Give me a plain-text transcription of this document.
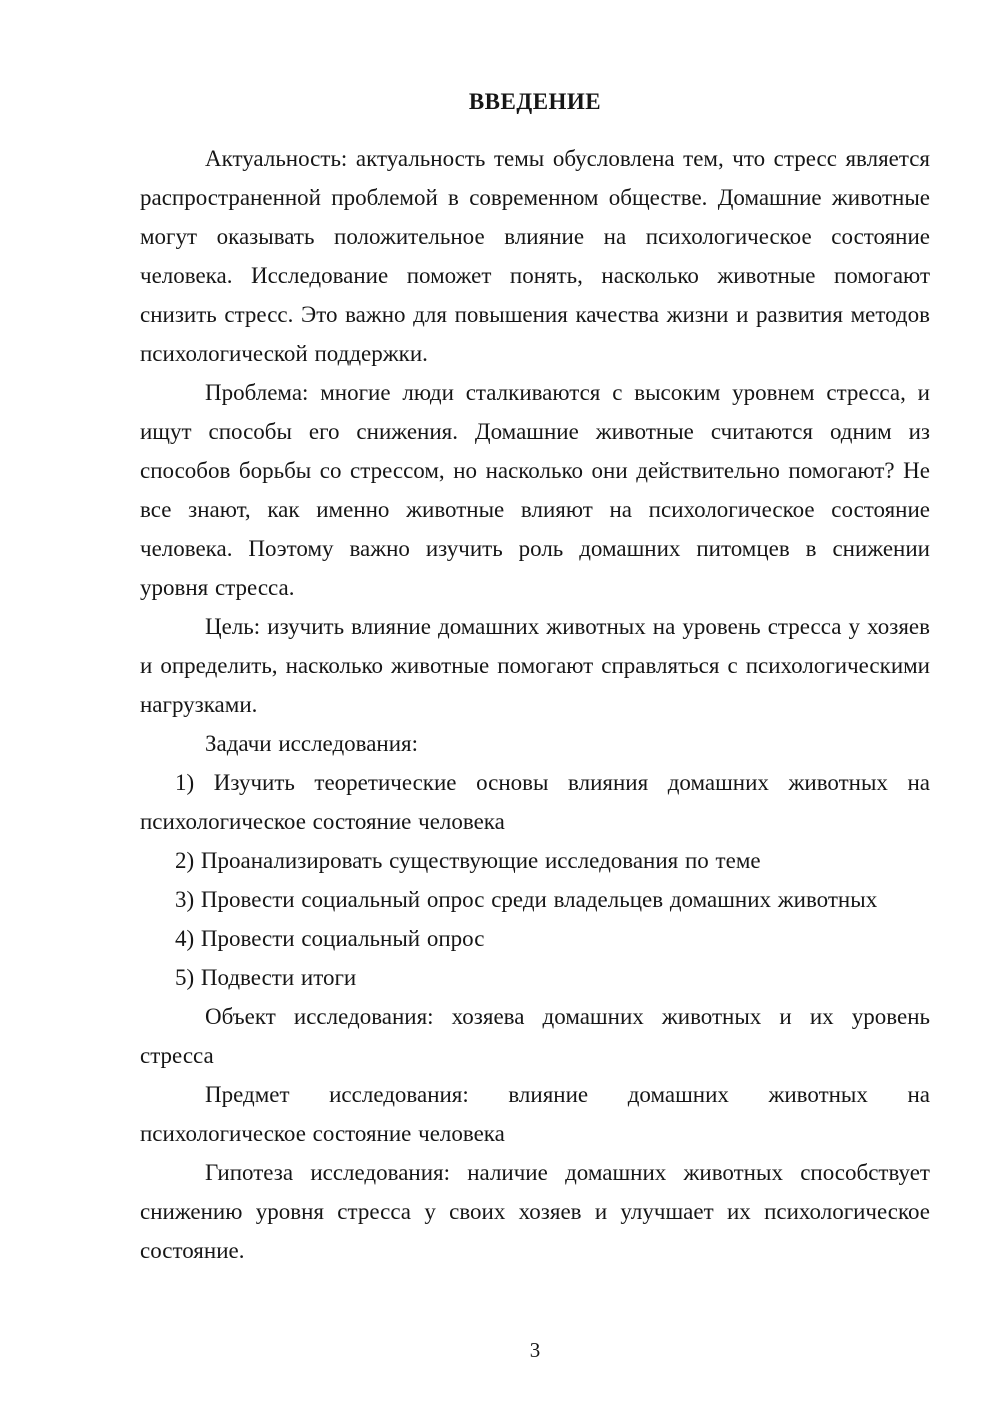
ВВЕДЕНИЕ

Актуальность: актуальность темы обусловлена тем, что стресс является распространенной проблемой в современном обществе. Домашние животные могут оказывать положительное влияние на психологическое состояние человека. Исследование поможет понять, насколько животные помогают снизить стресс. Это важно для повышения качества жизни и развития методов психологической поддержки.

Проблема: многие люди сталкиваются с высоким уровнем стресса, и ищут способы его снижения. Домашние животные считаются одним из способов борьбы со стрессом, но насколько они действительно помогают? Не все знают, как именно животные влияют на психологическое состояние человека. Поэтому важно изучить роль домашних питомцев в снижении уровня стресса.

Цель: изучить влияние домашних животных на уровень стресса у хозяев и определить, насколько животные помогают справляться с психологическими нагрузками.

Задачи исследования:

1) Изучить теоретические основы влияния домашних животных на психологическое состояние человека

2) Проанализировать существующие исследования по теме

3) Провести социальный опрос среди владельцев домашних животных

4) Провести социальный опрос

5) Подвести итоги

Объект исследования: хозяева домашних животных и их уровень стресса

Предмет исследования: влияние домашних животных на психологическое состояние человека

Гипотеза исследования: наличие домашних животных способствует снижению уровня стресса у своих хозяев и улучшает их психологическое состояние.

3
